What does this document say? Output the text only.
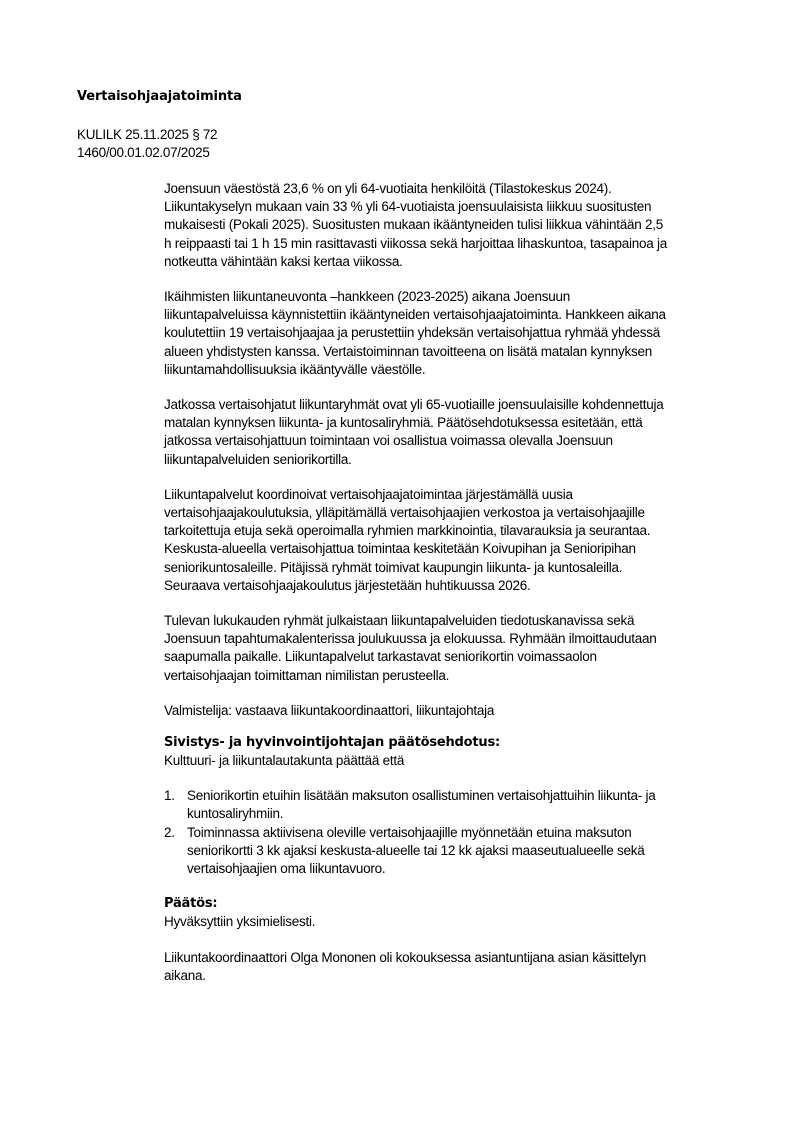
Vertaisohjaajatoiminta
KULILK 25.11.2025 § 72
1460/00.01.02.07/2025
Joensuun väestöstä 23,6 % on yli 64-vuotiaita henkilöitä (Tilastokeskus 2024).
Liikuntakyselyn mukaan vain 33 % yli 64-vuotiaista joensuulaisista liikkuu suositusten
mukaisesti (Pokali 2025). Suositusten mukaan ikääntyneiden tulisi liikkua vähintään 2,5
h reippaasti tai 1 h 15 min rasittavasti viikossa sekä harjoittaa lihaskuntoa, tasapainoa ja
notkeutta vähintään kaksi kertaa viikossa.
Ikäihmisten liikuntaneuvonta –hankkeen (2023-2025) aikana Joensuun
liikuntapalveluissa käynnistettiin ikääntyneiden vertaisohjaajatoiminta. Hankkeen aikana
koulutettiin 19 vertaisohjaajaa ja perustettiin yhdeksän vertaisohjattua ryhmää yhdessä
alueen yhdistysten kanssa. Vertaistoiminnan tavoitteena on lisätä matalan kynnyksen
liikuntamahdollisuuksia ikääntyvälle väestölle.
Jatkossa vertaisohjatut liikuntaryhmät ovat yli 65-vuotiaille joensuulaisille kohdennettuja
matalan kynnyksen liikunta- ja kuntosaliryhmiä. Päätösehdotuksessa esitetään, että
jatkossa vertaisohjattuun toimintaan voi osallistua voimassa olevalla Joensuun
liikuntapalveluiden seniorikortilla.
Liikuntapalvelut koordinoivat vertaisohjaajatoimintaa järjestämällä uusia
vertaisohjaajakoulutuksia, ylläpitämällä vertaisohjaajien verkostoa ja vertaisohjaajille
tarkoitettuja etuja sekä operoimalla ryhmien markkinointia, tilavarauksia ja seurantaa.
Keskusta-alueella vertaisohjattua toimintaa keskitetään Koivupihan ja Senioripihan
seniorikuntosaleille. Pitäjissä ryhmät toimivat kaupungin liikunta- ja kuntosaleilla.
Seuraava vertaisohjaajakoulutus järjestetään huhtikuussa 2026.
Tulevan lukukauden ryhmät julkaistaan liikuntapalveluiden tiedotuskanavissa sekä
Joensuun tapahtumakalenterissa joulukuussa ja elokuussa. Ryhmään ilmoittaudutaan
saapumalla paikalle. Liikuntapalvelut tarkastavat seniorikortin voimassaolon
vertaisohjaajan toimittaman nimilistan perusteella.
Valmistelija: vastaava liikuntakoordinaattori, liikuntajohtaja
Sivistys- ja hyvinvointijohtajan päätösehdotus:
Kulttuuri- ja liikuntalautakunta päättää että
1. Seniorikortin etuihin lisätään maksuton osallistuminen vertaisohjattuihin liikunta- ja
kuntosaliryhmiin.
2. Toiminnassa aktiivisena oleville vertaisohjaajille myönnetään etuina maksuton
seniorikortti 3 kk ajaksi keskusta-alueelle tai 12 kk ajaksi maaseutualueelle sekä
vertaisohjaajien oma liikuntavuoro.
Päätös:
Hyväksyttiin yksimielisesti.
Liikuntakoordinaattori Olga Mononen oli kokouksessa asiantuntijana asian käsittelyn
aikana.
